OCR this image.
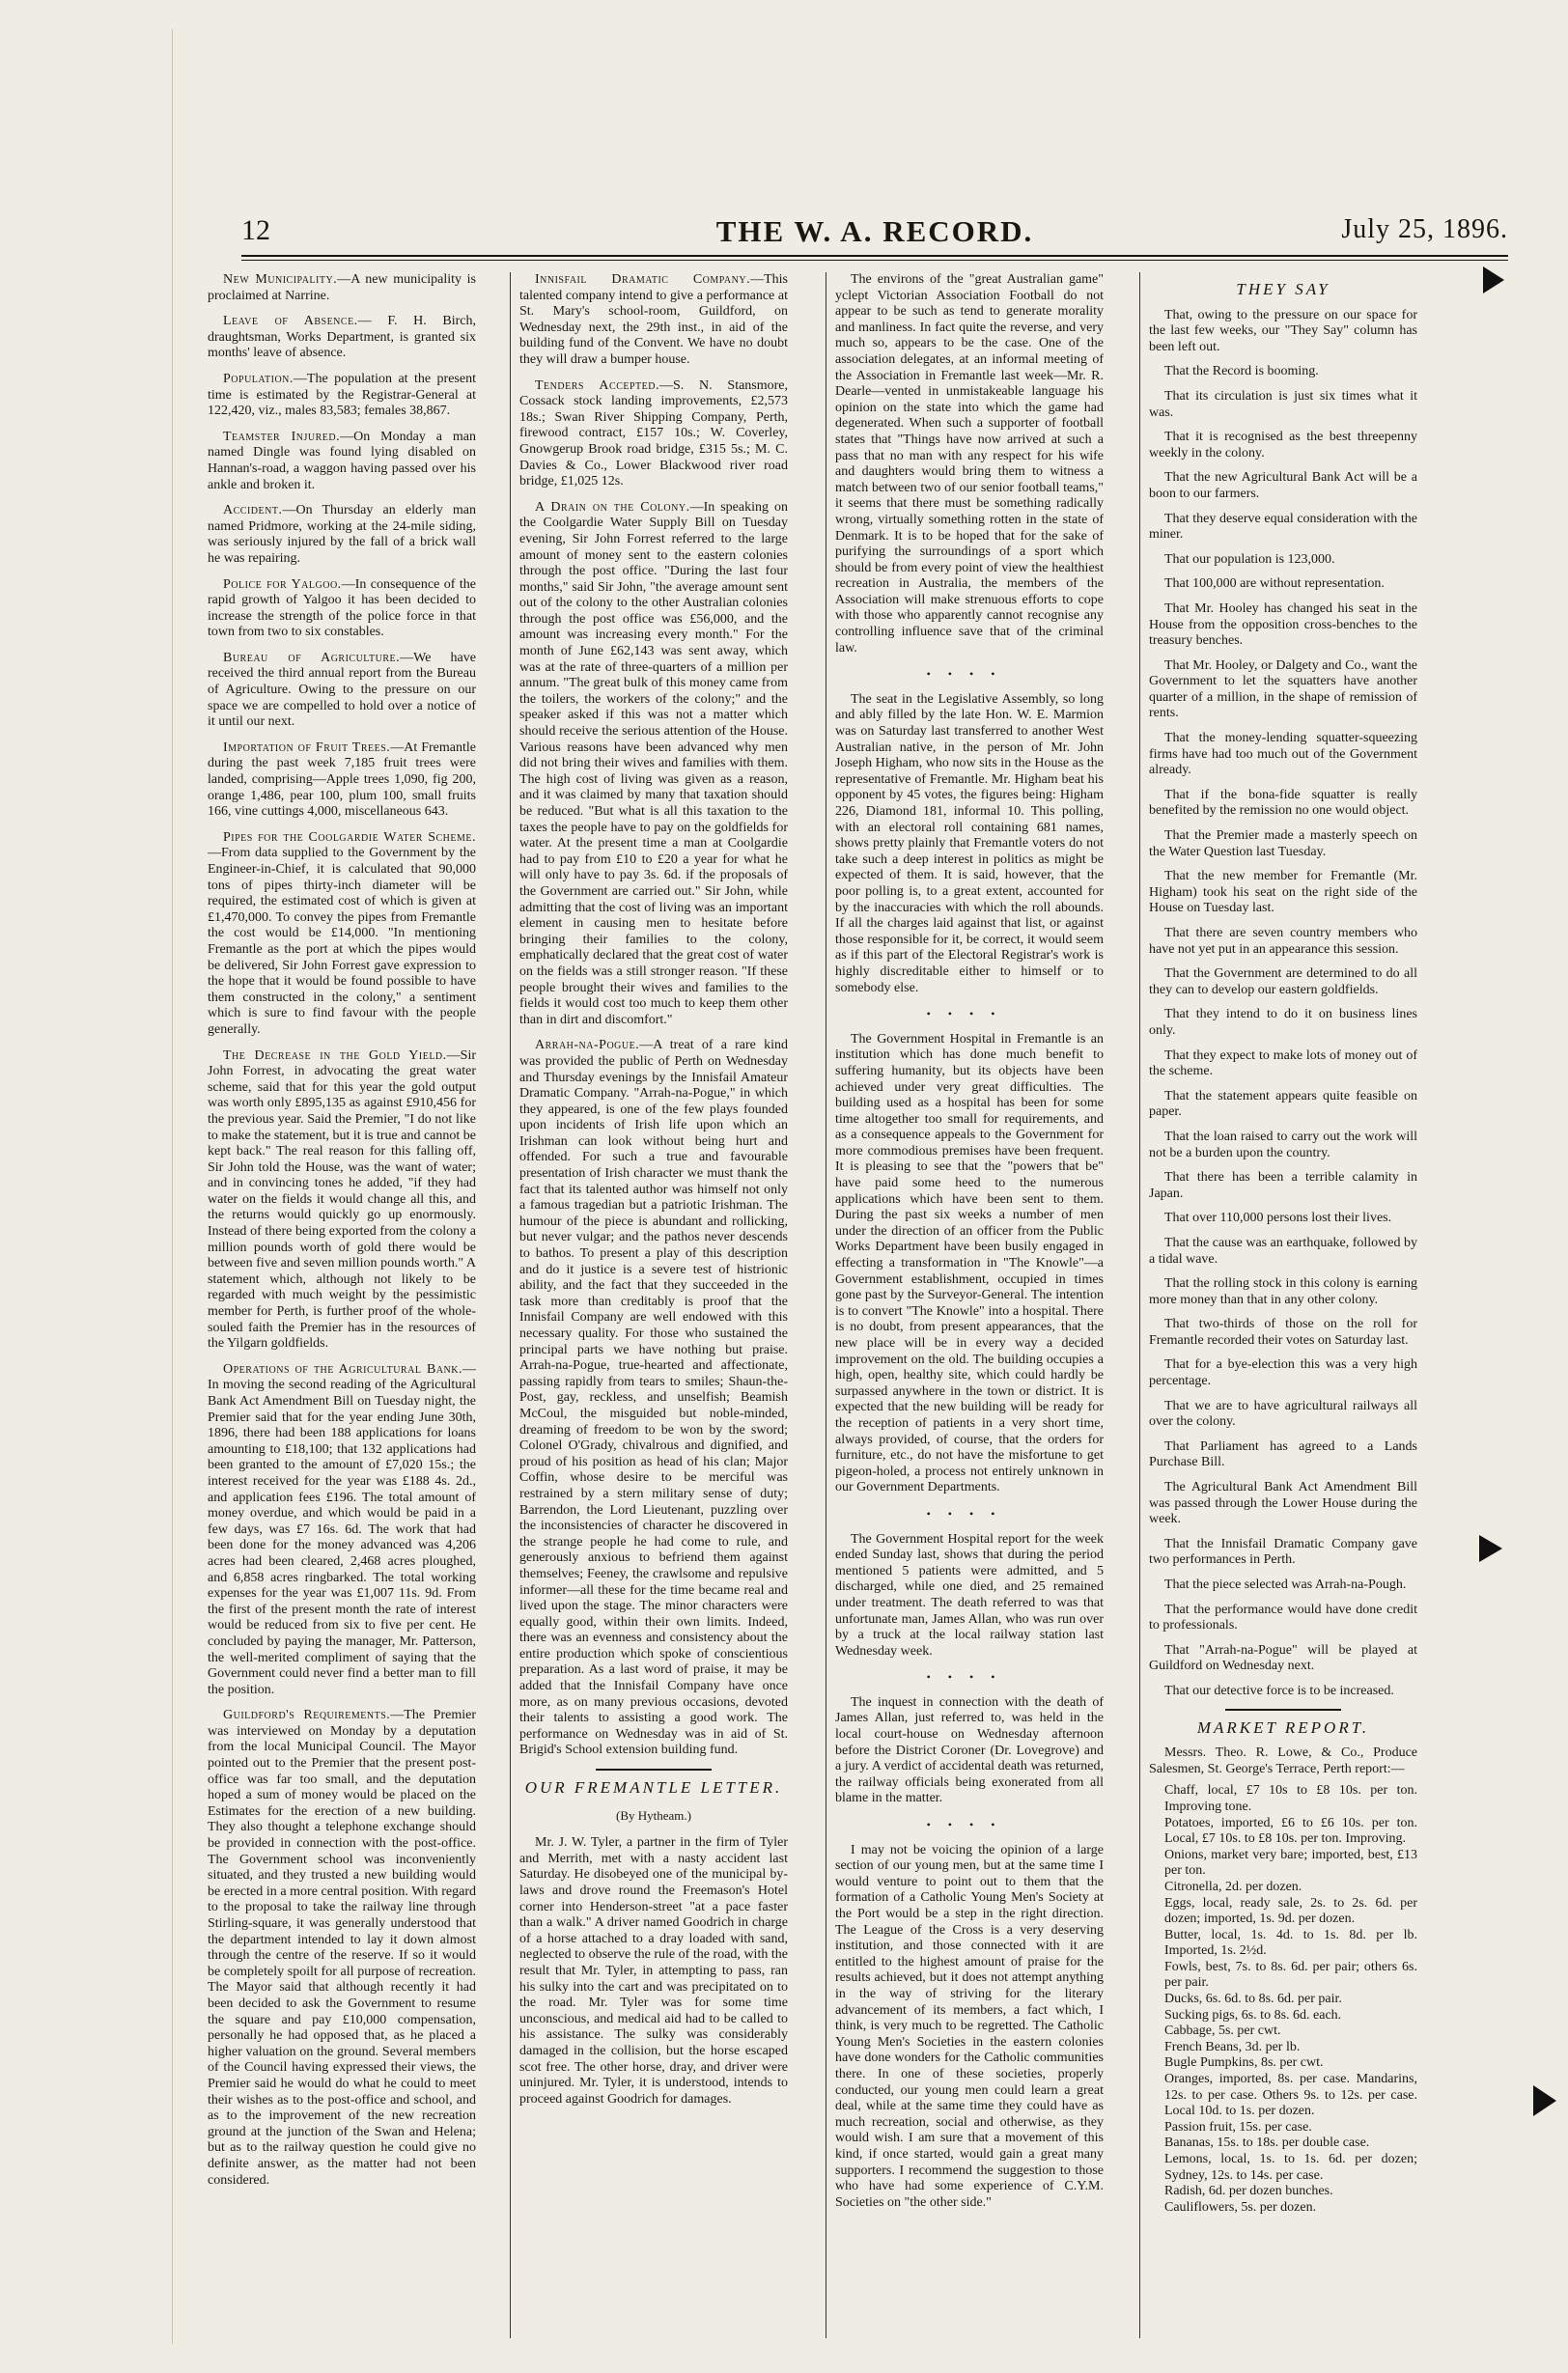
12	THE W. A. RECORD.	July 25, 1896.

New Municipality.—A new municipality is proclaimed at Narrine.

Leave of Absence.— F. H. Birch, draughtsman, Works Department, is granted six months' leave of absence.

Population.—The population at the present time is estimated by the Registrar-General at 122,420, viz., males 83,583; females 38,867.

Teamster Injured.—On Monday a man named Dingle was found lying disabled on Hannan's-road, a waggon having passed over his ankle and broken it.

Accident.—On Thursday an elderly man named Pridmore, working at the 24-mile siding, was seriously injured by the fall of a brick wall he was repairing.

Police for Yalgoo.—In consequence of the rapid growth of Yalgoo it has been decided to increase the strength of the police force in that town from two to six constables.

Bureau of Agriculture.—We have received the third annual report from the Bureau of Agriculture. Owing to the pressure on our space we are compelled to hold over a notice of it until our next.

Importation of Fruit Trees.—At Fremantle during the past week 7,185 fruit trees were landed, comprising—Apple trees 1,090, fig 200, orange 1,486, pear 100, plum 100, small fruits 166, vine cuttings 4,000, miscellaneous 643.

Pipes for the Coolgardie Water Scheme.—From data supplied to the Government by the Engineer-in-Chief, it is calculated that 90,000 tons of pipes thirty-inch diameter will be required, the estimated cost of which is given at £1,470,000. To convey the pipes from Fremantle the cost would be £14,000. "In mentioning Fremantle as the port at which the pipes would be delivered, Sir John Forrest gave expression to the hope that it would be found possible to have them constructed in the colony," a sentiment which is sure to find favour with the people generally.

The Decrease in the Gold Yield.—Sir John Forrest, in advocating the great water scheme, said that for this year the gold output was worth only £895,135 as against £910,456 for the previous year. Said the Premier, "I do not like to make the statement, but it is true and cannot be kept back." The real reason for this falling off, Sir John told the House, was the want of water; and in convincing tones he added, "if they had water on the fields it would change all this, and the returns would quickly go up enormously. Instead of there being exported from the colony a million pounds worth of gold there would be between five and seven million pounds worth." A statement which, although not likely to be regarded with much weight by the pessimistic member for Perth, is further proof of the whole-souled faith the Premier has in the resources of the Yilgarn goldfields.

Operations of the Agricultural Bank.—In moving the second reading of the Agricultural Bank Act Amendment Bill on Tuesday night, the Premier said that for the year ending June 30th, 1896, there had been 188 applications for loans amounting to £18,100; that 132 applications had been granted to the amount of £7,020 15s.; the interest received for the year was £188 4s. 2d., and application fees £196. The total amount of money overdue, and which would be paid in a few days, was £7 16s. 6d. The work that had been done for the money advanced was 4,206 acres had been cleared, 2,468 acres ploughed, and 6,858 acres ringbarked. The total working expenses for the year was £1,007 11s. 9d. From the first of the present month the rate of interest would be reduced from six to five per cent. He concluded by paying the manager, Mr. Patterson, the well-merited compliment of saying that the Government could never find a better man to fill the position.

Guildford's Requirements.—The Premier was interviewed on Monday by a deputation from the local Municipal Council. The Mayor pointed out to the Premier that the present post-office was far too small, and the deputation hoped a sum of money would be placed on the Estimates for the erection of a new building. They also thought a telephone exchange should be provided in connection with the post-office. The Government school was inconveniently situated, and they trusted a new building would be erected in a more central position. With regard to the proposal to take the railway line through Stirling-square, it was generally understood that the department intended to lay it down almost through the centre of the reserve. If so it would be completely spoilt for all purpose of recreation. The Mayor said that although recently it had been decided to ask the Government to resume the square and pay £10,000 compensation, personally he had opposed that, as he placed a higher valuation on the ground. Several members of the Council having expressed their views, the Premier said he would do what he could to meet their wishes as to the post-office and school, and as to the improvement of the new recreation ground at the junction of the Swan and Helena; but as to the railway question he could give no definite answer, as the matter had not been considered.

Innisfail Dramatic Company.—This talented company intend to give a performance at St. Mary's school-room, Guildford, on Wednesday next, the 29th inst., in aid of the building fund of the Convent. We have no doubt they will draw a bumper house.

Tenders Accepted.—S. N. Stansmore, Cossack stock landing improvements, £2,573 18s.; Swan River Shipping Company, Perth, firewood contract, £157 10s.; W. Coverley, Gnowgerup Brook road bridge, £315 5s.; M. C. Davies & Co., Lower Blackwood river road bridge, £1,025 12s.

A Drain on the Colony.—In speaking on the Coolgardie Water Supply Bill on Tuesday evening, Sir John Forrest referred to the large amount of money sent to the eastern colonies through the post office. "During the last four months," said Sir John, "the average amount sent out of the colony to the other Australian colonies through the post office was £56,000, and the amount was increasing every month." For the month of June £62,143 was sent away, which was at the rate of three-quarters of a million per annum. "The great bulk of this money came from the toilers, the workers of the colony;" and the speaker asked if this was not a matter which should receive the serious attention of the House. Various reasons have been advanced why men did not bring their wives and families with them. The high cost of living was given as a reason, and it was claimed by many that taxation should be reduced. "But what is all this taxation to the taxes the people have to pay on the goldfields for water. At the present time a man at Coolgardie had to pay from £10 to £20 a year for what he will only have to pay 3s. 6d. if the proposals of the Government are carried out." Sir John, while admitting that the cost of living was an important element in causing men to hesitate before bringing their families to the colony, emphatically declared that the great cost of water on the fields was a still stronger reason. "If these people brought their wives and families to the fields it would cost too much to keep them other than in dirt and discomfort."

Arrah-na-Pogue.—A treat of a rare kind was provided the public of Perth on Wednesday and Thursday evenings by the Innisfail Amateur Dramatic Company. "Arrah-na-Pogue," in which they appeared, is one of the few plays founded upon incidents of Irish life upon which an Irishman can look without being hurt and offended. For such a true and favourable presentation of Irish character we must thank the fact that its talented author was himself not only a famous tragedian but a patriotic Irishman. The humour of the piece is abundant and rollicking, but never vulgar; and the pathos never descends to bathos. To present a play of this description and do it justice is a severe test of histrionic ability, and the fact that they succeeded in the task more than creditably is proof that the Innisfail Company are well endowed with this necessary quality. For those who sustained the principal parts we have nothing but praise. Arrah-na-Pogue, true-hearted and affectionate, passing rapidly from tears to smiles; Shaun-the-Post, gay, reckless, and unselfish; Beamish McCoul, the misguided but noble-minded, dreaming of freedom to be won by the sword; Colonel O'Grady, chivalrous and dignified, and proud of his position as head of his clan; Major Coffin, whose desire to be merciful was restrained by a stern military sense of duty; Barrendon, the Lord Lieutenant, puzzling over the inconsistencies of character he discovered in the strange people he had come to rule, and generously anxious to befriend them against themselves; Feeney, the crawlsome and repulsive informer—all these for the time became real and lived upon the stage. The minor characters were equally good, within their own limits. Indeed, there was an evenness and consistency about the entire production which spoke of conscientious preparation. As a last word of praise, it may be added that the Innisfail Company have once more, as on many previous occasions, devoted their talents to assisting a good work. The performance on Wednesday was in aid of St. Brigid's School extension building fund.

OUR FREMANTLE LETTER.
(By Hytheam.)

Mr. J. W. Tyler, a partner in the firm of Tyler and Merrith, met with a nasty accident last Saturday. He disobeyed one of the municipal by-laws and drove round the Freemason's Hotel corner into Henderson-street "at a pace faster than a walk." A driver named Goodrich in charge of a horse attached to a dray loaded with sand, neglected to observe the rule of the road, with the result that Mr. Tyler, in attempting to pass, ran his sulky into the cart and was precipitated on to the road. Mr. Tyler was for some time unconscious, and medical aid had to be called to his assistance. The sulky was considerably damaged in the collision, but the horse escaped scot free. The other horse, dray, and driver were uninjured. Mr. Tyler, it is understood, intends to proceed against Goodrich for damages.

The environs of the "great Australian game" yclept Victorian Association Football do not appear to be such as tend to generate morality and manliness. In fact quite the reverse, and very much so, appears to be the case. One of the association delegates, at an informal meeting of the Association in Fremantle last week—Mr. R. Dearle—vented in unmistakeable language his opinion on the state into which the game had degenerated. When such a supporter of football states that "Things have now arrived at such a pass that no man with any respect for his wife and daughters would bring them to witness a match between two of our senior football teams," it seems that there must be something radically wrong, virtually something rotten in the state of Denmark. It is to be hoped that for the sake of purifying the surroundings of a sport which should be from every point of view the healthiest recreation in Australia, the members of the Association will make strenuous efforts to cope with those who apparently cannot recognise any controlling influence save that of the criminal law.

••••

The seat in the Legislative Assembly, so long and ably filled by the late Hon. W. E. Marmion was on Saturday last transferred to another West Australian native, in the person of Mr. John Joseph Higham, who now sits in the House as the representative of Fremantle. Mr. Higham beat his opponent by 45 votes, the figures being: Higham 226, Diamond 181, informal 10. This polling, with an electoral roll containing 681 names, shows pretty plainly that Fremantle voters do not take such a deep interest in politics as might be expected of them. It is said, however, that the poor polling is, to a great extent, accounted for by the inaccuracies with which the roll abounds. If all the charges laid against that list, or against those responsible for it, be correct, it would seem as if this part of the Electoral Registrar's work is highly discreditable either to himself or to somebody else.

••••

The Government Hospital in Fremantle is an institution which has done much benefit to suffering humanity, but its objects have been achieved under very great difficulties. The building used as a hospital has been for some time altogether too small for requirements, and as a consequence appeals to the Government for more commodious premises have been frequent. It is pleasing to see that the "powers that be" have paid some heed to the numerous applications which have been sent to them. During the past six weeks a number of men under the direction of an officer from the Public Works Department have been busily engaged in effecting a transformation in "The Knowle"—a Government establishment, occupied in times gone past by the Surveyor-General. The intention is to convert "The Knowle" into a hospital. There is no doubt, from present appearances, that the new place will be in every way a decided improvement on the old. The building occupies a high, open, healthy site, which could hardly be surpassed anywhere in the town or district. It is expected that the new building will be ready for the reception of patients in a very short time, always provided, of course, that the orders for furniture, etc., do not have the misfortune to get pigeon-holed, a process not entirely unknown in our Government Departments.

••••

The Government Hospital report for the week ended Sunday last, shows that during the period mentioned 5 patients were admitted, and 5 discharged, while one died, and 25 remained under treatment. The death referred to was that unfortunate man, James Allan, who was run over by a truck at the local railway station last Wednesday week.

••••

The inquest in connection with the death of James Allan, just referred to, was held in the local court-house on Wednesday afternoon before the District Coroner (Dr. Lovegrove) and a jury. A verdict of accidental death was returned, the railway officials being exonerated from all blame in the matter.

••••

I may not be voicing the opinion of a large section of our young men, but at the same time I would venture to point out to them that the formation of a Catholic Young Men's Society at the Port would be a step in the right direction. The League of the Cross is a very deserving institution, and those connected with it are entitled to the highest amount of praise for the results achieved, but it does not attempt anything in the way of striving for the literary advancement of its members, a fact which, I think, is very much to be regretted. The Catholic Young Men's Societies in the eastern colonies have done wonders for the Catholic communities there. In one of these societies, properly conducted, our young men could learn a great deal, while at the same time they could have as much recreation, social and otherwise, as they would wish. I am sure that a movement of this kind, if once started, would gain a great many supporters. I recommend the suggestion to those who have had some experience of C.Y.M. Societies on "the other side."

THEY SAY

That, owing to the pressure on our space for the last few weeks, our "They Say" column has been left out.

That the Record is booming.

That its circulation is just six times what it was.

That it is recognised as the best threepenny weekly in the colony.

That the new Agricultural Bank Act will be a boon to our farmers.

That they deserve equal consideration with the miner.

That our population is 123,000.

That 100,000 are without representation.

That Mr. Hooley has changed his seat in the House from the opposition cross-benches to the treasury benches.

That Mr. Hooley, or Dalgety and Co., want the Government to let the squatters have another quarter of a million, in the shape of remission of rents.

That the money-lending squatter-squeezing firms have had too much out of the Government already.

That if the bona-fide squatter is really benefited by the remission no one would object.

That the Premier made a masterly speech on the Water Question last Tuesday.

That the new member for Fremantle (Mr. Higham) took his seat on the right side of the House on Tuesday last.

That there are seven country members who have not yet put in an appearance this session.

That the Government are determined to do all they can to develop our eastern goldfields.

That they intend to do it on business lines only.

That they expect to make lots of money out of the scheme.

That the statement appears quite feasible on paper.

That the loan raised to carry out the work will not be a burden upon the country.

That there has been a terrible calamity in Japan.

That over 110,000 persons lost their lives.

That the cause was an earthquake, followed by a tidal wave.

That the rolling stock in this colony is earning more money than that in any other colony.

That two-thirds of those on the roll for Fremantle recorded their votes on Saturday last.

That for a bye-election this was a very high percentage.

That we are to have agricultural railways all over the colony.

That Parliament has agreed to a Lands Purchase Bill.

The Agricultural Bank Act Amendment Bill was passed through the Lower House during the week.

That the Innisfail Dramatic Company gave two performances in Perth.

That the piece selected was Arrah-na-Pough.

That the performance would have done credit to professionals.

That "Arrah-na-Pogue" will be played at Guildford on Wednesday next.

That our detective force is to be increased.

MARKET REPORT.

Messrs. Theo. R. Lowe, & Co., Produce Salesmen, St. George's Terrace, Perth report:—

Chaff, local, £7 10s to £8 10s. per ton. Improving tone.

Potatoes, imported, £6 to £6 10s. per ton. Local, £7 10s. to £8 10s. per ton. Improving.

Onions, market very bare; imported, best, £13 per ton.

Citronella, 2d. per dozen.

Eggs, local, ready sale, 2s. to 2s. 6d. per dozen; imported, 1s. 9d. per dozen.

Butter, local, 1s. 4d. to 1s. 8d. per lb. Imported, 1s. 2½d.

Fowls, best, 7s. to 8s. 6d. per pair; others 6s. per pair.

Ducks, 6s. 6d. to 8s. 6d. per pair.

Sucking pigs, 6s. to 8s. 6d. each.

Cabbage, 5s. per cwt.

French Beans, 3d. per lb.

Bugle Pumpkins, 8s. per cwt.

Oranges, imported, 8s. per case. Mandarins, 12s. to per case. Others 9s. to 12s. per case. Local 10d. to 1s. per dozen.

Passion fruit, 15s. per case.

Bananas, 15s. to 18s. per double case.

Lemons, local, 1s. to 1s. 6d. per dozen; Sydney, 12s. to 14s. per case.

Radish, 6d. per dozen bunches.

Cauliflowers, 5s. per dozen.
